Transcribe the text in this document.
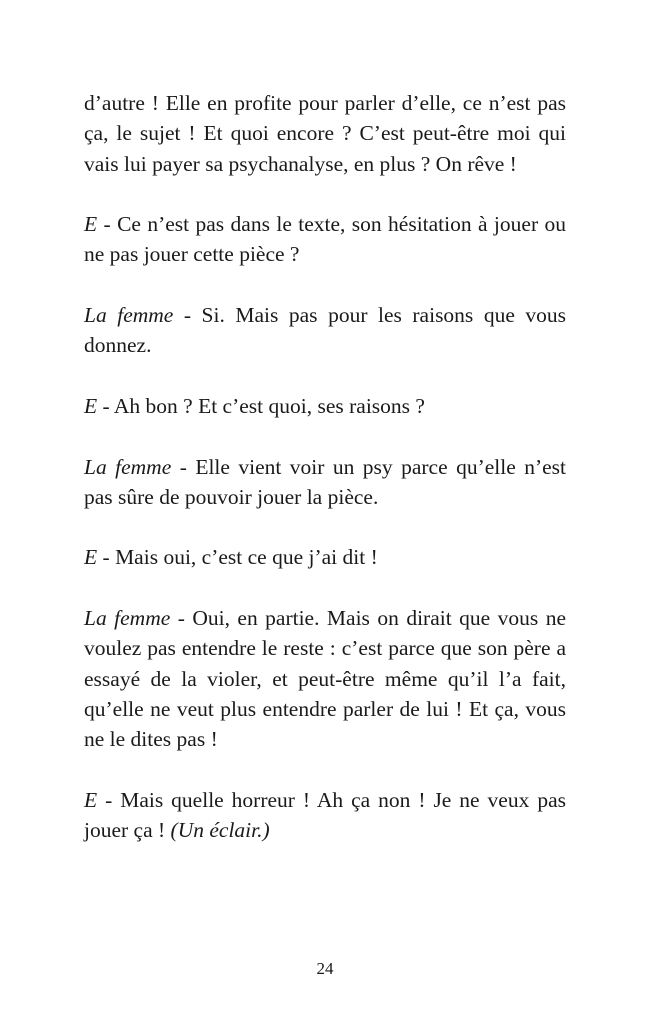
d’autre ! Elle en profite pour parler d’elle, ce n’est pas ça, le sujet ! Et quoi encore ? C’est peut-être moi qui vais lui payer sa psychanalyse, en plus ? On rêve !

E - Ce n’est pas dans le texte, son hésitation à jouer ou ne pas jouer cette pièce ?

La femme - Si. Mais pas pour les raisons que vous donnez.

E - Ah bon ? Et c’est quoi, ses raisons ?

La femme - Elle vient voir un psy parce qu’elle n’est pas sûre de pouvoir jouer la pièce.

E - Mais oui, c’est ce que j’ai dit !

La femme - Oui, en partie. Mais on dirait que vous ne voulez pas entendre le reste : c’est parce que son père a essayé de la violer, et peut-être même qu’il l’a fait, qu’elle ne veut plus entendre parler de lui ! Et ça, vous ne le dites pas !

E - Mais quelle horreur ! Ah ça non ! Je ne veux pas jouer ça ! (Un éclair.)

24
